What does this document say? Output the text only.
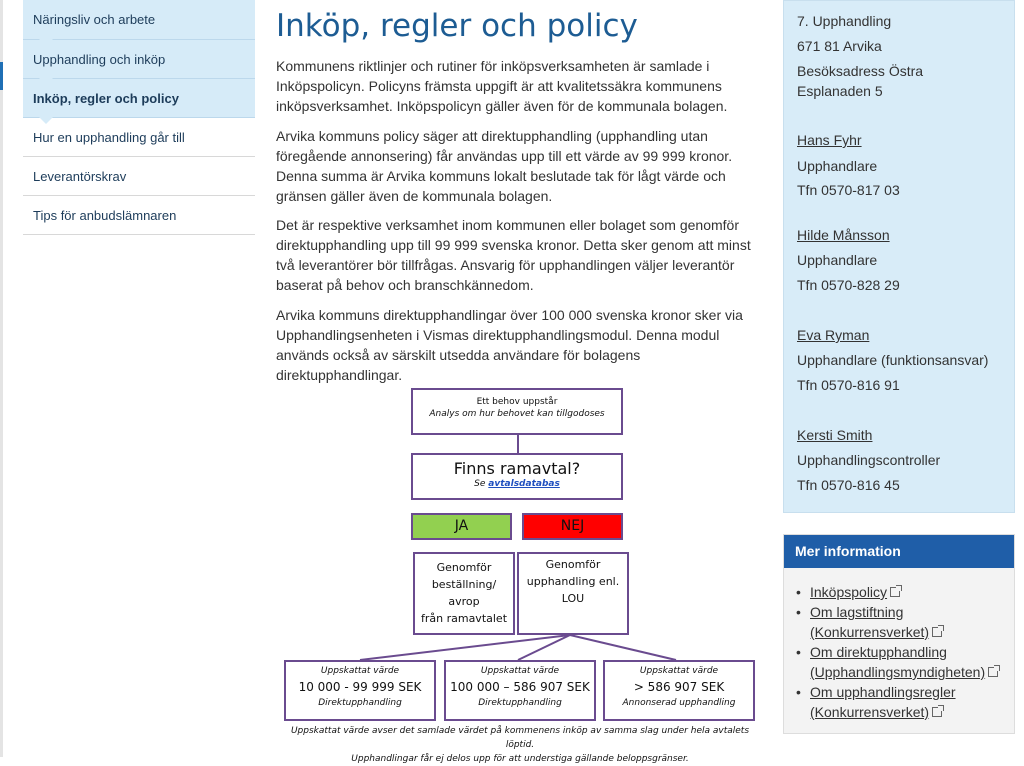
Näringsliv och arbete
Upphandling och inköp
Inköp, regler och policy
Hur en upphandling går till
Leverantörskrav
Tips för anbudslämnaren
Inköp, regler och policy

Kommunens riktlinjer och rutiner för inköpsverksamheten är samlade i
Inköpspolicyn. Policyns främsta uppgift är att kvalitetssäkra kommunens
inköpsverksamhet. Inköpspolicyn gäller även för de kommunala bolagen.

Arvika kommuns policy säger att direktupphandling (upphandling utan
föregående annonsering) får användas upp till ett värde av 99 999 kronor.
Denna summa är Arvika kommuns lokalt beslutade tak för lågt värde och
gränsen gäller även de kommunala bolagen.

Det är respektive verksamhet inom kommunen eller bolaget som genomför
direktupphandling upp till 99 999 svenska kronor. Detta sker genom att minst
två leverantörer bör tillfrågas. Ansvarig för upphandlingen väljer leverantör
baserat på behov och branschkännedom.

Arvika kommuns direktupphandlingar över 100 000 svenska kronor sker via
Upphandlingsenheten i Vismas direktupphandlingsmodul. Denna modul
används också av särskilt utsedda användare för bolagens direktupphandlingar.

Ett behov uppstår
Analys om hur behovet kan tillgodoses
Finns ramavtal?
Se avtalsdatabas
JA	NEJ
Genomför
beställning/ avrop
från ramavtalet
Genomför
upphandling enl.
LOU
Uppskattat värde
10 000 - 99 999 SEK
Direktupphandling
Uppskattat värde
100 000 – 586 907 SEK
Direktupphandling
Uppskattat värde
> 586 907 SEK
Annonserad upphandling
Uppskattat värde avser det samlade värdet på kommenens inköp av samma slag under hela avtalets löptid.
Upphandlingar får ej delos upp för att understiga gällande beloppsgränser.
7. Upphandling
671 81 Arvika
Besöksadress Östra
Esplanaden 5
Hans Fyhr
Upphandlare
Tfn 0570-817 03
Hilde Månsson
Upphandlare
Tfn 0570-828 29
Eva Ryman
Upphandlare (funktionsansvar)
Tfn 0570-816 91
Kersti Smith
Upphandlingscontroller
Tfn 0570-816 45
Mer information
• Inköpspolicy
• Om lagstiftning
(Konkurrensverket)
• Om direktupphandling
(Upphandlingsmyndigheten)
• Om upphandlingsregler
(Konkurrensverket)
